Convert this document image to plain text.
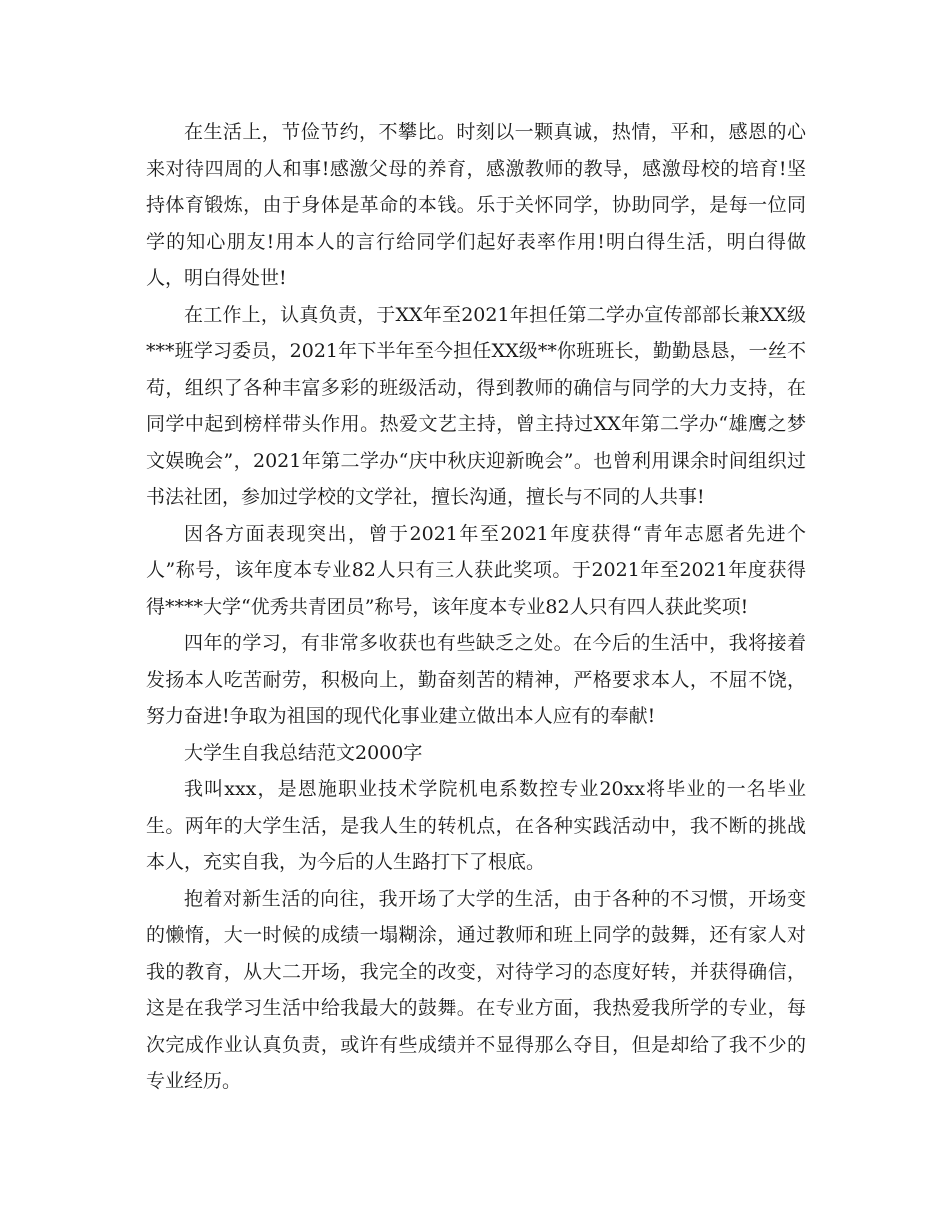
在生活上，节俭节约，不攀比。时刻以一颗真诚，热情，平和，感恩的心来对待四周的人和事!感激父母的养育，感激教师的教导，感激母校的培育!坚持体育锻炼，由于身体是革命的本钱。乐于关怀同学，协助同学，是每一位同学的知心朋友!用本人的言行给同学们起好表率作用!明白得生活，明白得做人，明白得处世!

在工作上，认真负责，于XX年至2021年担任第二学办宣传部部长兼XX级***班学习委员，2021年下半年至今担任XX级**你班班长，勤勤恳恳，一丝不苟，组织了各种丰富多彩的班级活动，得到教师的确信与同学的大力支持，在同学中起到榜样带头作用。热爱文艺主持，曾主持过XX年第二学办“雄鹰之梦文娱晚会”，2021年第二学办“庆中秋庆迎新晚会”。也曾利用课余时间组织过书法社团，参加过学校的文学社，擅长沟通，擅长与不同的人共事!

因各方面表现突出，曾于2021年至2021年度获得“青年志愿者先进个人”称号，该年度本专业82人只有三人获此奖项。于2021年至2021年度获得得****大学“优秀共青团员”称号，该年度本专业82人只有四人获此奖项!

四年的学习，有非常多收获也有些缺乏之处。在今后的生活中，我将接着发扬本人吃苦耐劳，积极向上，勤奋刻苦的精神，严格要求本人，不屈不饶，努力奋进!争取为祖国的现代化事业建立做出本人应有的奉献!

大学生自我总结范文2000字

我叫xxx，是恩施职业技术学院机电系数控专业20xx将毕业的一名毕业生。两年的大学生活，是我人生的转机点，在各种实践活动中，我不断的挑战本人，充实自我，为今后的人生路打下了根底。

抱着对新生活的向往，我开场了大学的生活，由于各种的不习惯，开场变的懒惰，大一时候的成绩一塌糊涂，通过教师和班上同学的鼓舞，还有家人对我的教育，从大二开场，我完全的改变，对待学习的态度好转，并获得确信，这是在我学习生活中给我最大的鼓舞。在专业方面，我热爱我所学的专业，每次完成作业认真负责，或许有些成绩并不显得那么夺目，但是却给了我不少的专业经历。
